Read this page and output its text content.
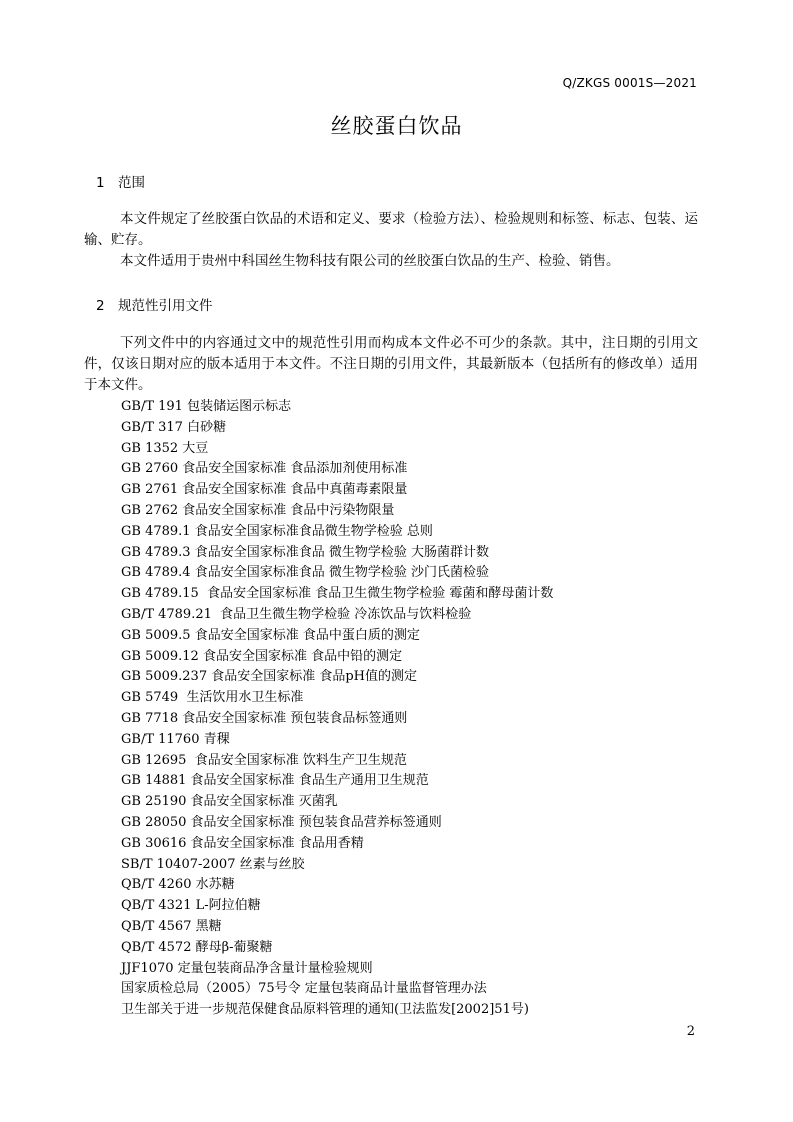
Q/ZKGS 0001S—2021
丝胶蛋白饮品
1 范围
本文件规定了丝胶蛋白饮品的术语和定义、要求（检验方法）、检验规则和标签、标志、包装、运输、贮存。
本文件适用于贵州中科国丝生物科技有限公司的丝胶蛋白饮品的生产、检验、销售。
2 规范性引用文件
下列文件中的内容通过文中的规范性引用而构成本文件必不可少的条款。其中，注日期的引用文件，仅该日期对应的版本适用于本文件。不注日期的引用文件，其最新版本（包括所有的修改单）适用于本文件。
GB/T 191 包装储运图示标志
GB/T 317 白砂糖
GB 1352 大豆
GB 2760 食品安全国家标准 食品添加剂使用标准
GB 2761 食品安全国家标准 食品中真菌毒素限量
GB 2762 食品安全国家标准 食品中污染物限量
GB 4789.1 食品安全国家标准食品微生物学检验 总则
GB 4789.3 食品安全国家标准食品 微生物学检验 大肠菌群计数
GB 4789.4 食品安全国家标准食品 微生物学检验 沙门氏菌检验
GB 4789.15  食品安全国家标准 食品卫生微生物学检验 霉菌和酵母菌计数
GB/T 4789.21  食品卫生微生物学检验 冷冻饮品与饮料检验
GB 5009.5 食品安全国家标准 食品中蛋白质的测定
GB 5009.12 食品安全国家标准 食品中铅的测定
GB 5009.237 食品安全国家标准 食品pH值的测定
GB 5749  生活饮用水卫生标准
GB 7718 食品安全国家标准 预包装食品标签通则
GB/T 11760 青稞
GB 12695  食品安全国家标准 饮料生产卫生规范
GB 14881 食品安全国家标准 食品生产通用卫生规范
GB 25190 食品安全国家标准 灭菌乳
GB 28050 食品安全国家标准 预包装食品营养标签通则
GB 30616 食品安全国家标准 食品用香精
SB/T 10407-2007 丝素与丝胶
QB/T 4260 水苏糖
QB/T 4321 L-阿拉伯糖
QB/T 4567 黑糖
QB/T 4572 酵母β-葡聚糖
JJF1070 定量包装商品净含量计量检验规则
国家质检总局（2005）75号令 定量包装商品计量监督管理办法
卫生部关于进一步规范保健食品原料管理的通知(卫法监发[2002]51号)
2
